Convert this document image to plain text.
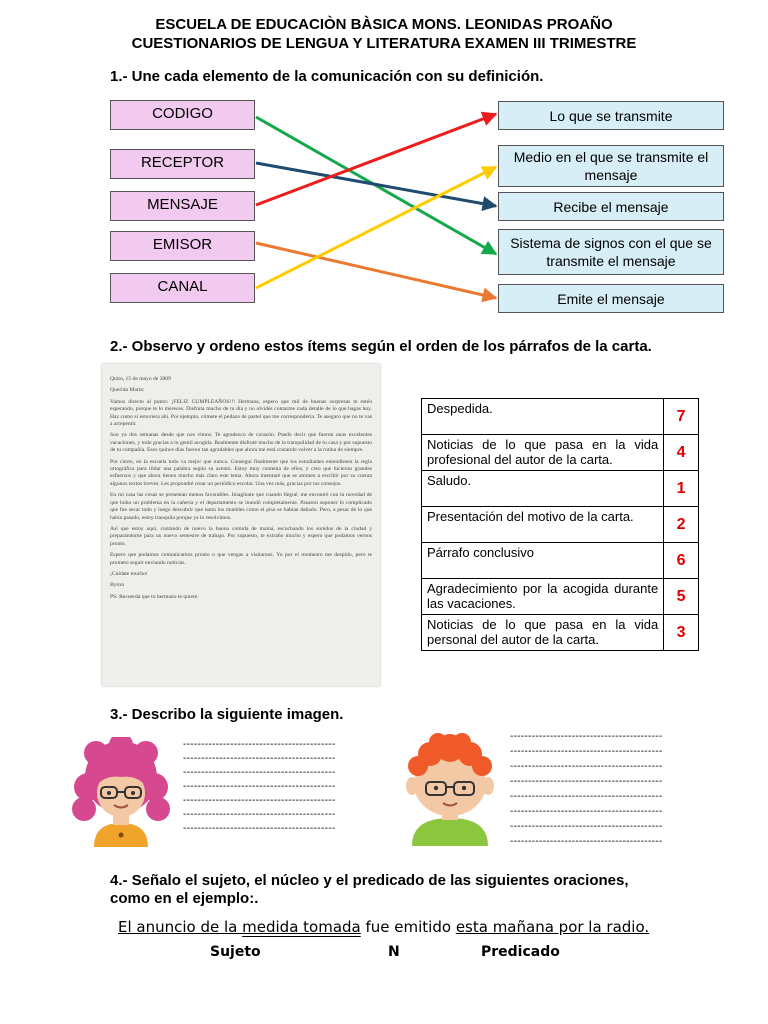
ESCUELA DE EDUCACIÒN BÀSICA MONS. LEONIDAS PROAÑO
CUESTIONARIOS DE LENGUA Y LITERATURA EXAMEN III TRIMESTRE
1.- Une cada elemento de la comunicación con su definición.
CODIGO
RECEPTOR
MENSAJE
EMISOR
CANAL
Lo que se transmite
Medio en el que se transmite el mensaje
Recibe el mensaje
Sistema de signos con el que se transmite el mensaje
Emite el mensaje
2.- Observo y ordeno estos ítems según el orden de los párrafos de la carta.

Quito, 15 de mayo de 2009

Querida Marta:

Vamos directo al punto: ¡FELIZ CUMPLEAÑOS!!! Hermana, espero que mil de buenas sorpresas te estén esperando, porque te lo mereces. Disfruta mucho de tu día y no olvides contarme cada detalle de lo que hagas hoy. Haz como si estuviera ahí. Por ejemplo, cómete el pedazo de pastel que me correspondería. Te aseguro que no te vas a arrepentir.

Son ya dos semanas desde que nos vimos. Te agradezco de corazón. Puedo decir que fueron unas excelentes vacaciones, y todo gracias a tu gentil acogida. Realmente disfruté mucho de la tranquilidad de tu casa y por supuesto de tu compañía. Esos quince días fueron tan agradables que ahora me está costando volver a la rutina de siempre.

Por cierto, en la escuela todo va mejor que nunca. Conseguí finalmente que los estudiantes entendiesen la regla ortográfica para tildar una palabra según su acento. Estoy muy contenta de ellos, y creo que hicieron grandes esfuerzos y que ahora tienen mucho más claro este tema. Ahora intentaré que se animen a escribir por su cuenta algunos textos breves. Les propondré crear un periódico escolar. Una vez más, gracias por tus consejos.

En mi casa las cosas se presentan menos favorables. Imagínate que cuando llegué, me encontré con la novedad de que hubo un problema en la cañería y el departamento se inundó completamente. Pasaron suponer lo complicado que fue secar todo y luego descubrir que tanto los muebles como el piso se habían dañado. Pero, a pesar de lo que había pasado, estoy tranquila porque ya lo resolvimos.

Así que estoy aquí, contando de nuevo la buena comida de mamá, escuchando los sonidos de la ciudad y preparándome para un nuevo semestre de trabajo. Por supuesto, te extraño mucho y espero que podamos vernos pronto.

Espero que podamos comunicarnos pronto o que vengas a visitarnos. Yo por el momento me despido, pero te prometo seguir enviando noticias.

¡Cuídate mucho!

Byron

PS: Recuerda que tu hermano te quiere.

Despedida.	7
Noticias de lo que pasa en la vida profesional del autor de la carta.	4
Saludo.	1
Presentación del motivo de la carta.	2
Párrafo conclusivo	6
Agradecimiento por la acogida durante las vacaciones.	5
Noticias de lo que pasa en la vida personal del autor de la carta.	3
3.- Describo la siguiente imagen.
------------------------------------------
------------------------------------------
------------------------------------------
------------------------------------------
------------------------------------------
------------------------------------------
------------------------------------------
------------------------------------------
------------------------------------------
------------------------------------------
------------------------------------------
------------------------------------------
------------------------------------------
------------------------------------------
------------------------------------------
4.- Señalo el sujeto, el núcleo y el predicado de las siguientes oraciones,
como en el ejemplo:.
El anuncio de la medida tomada fue emitido esta mañana por la radio.
Sujeto	N	Predicado
